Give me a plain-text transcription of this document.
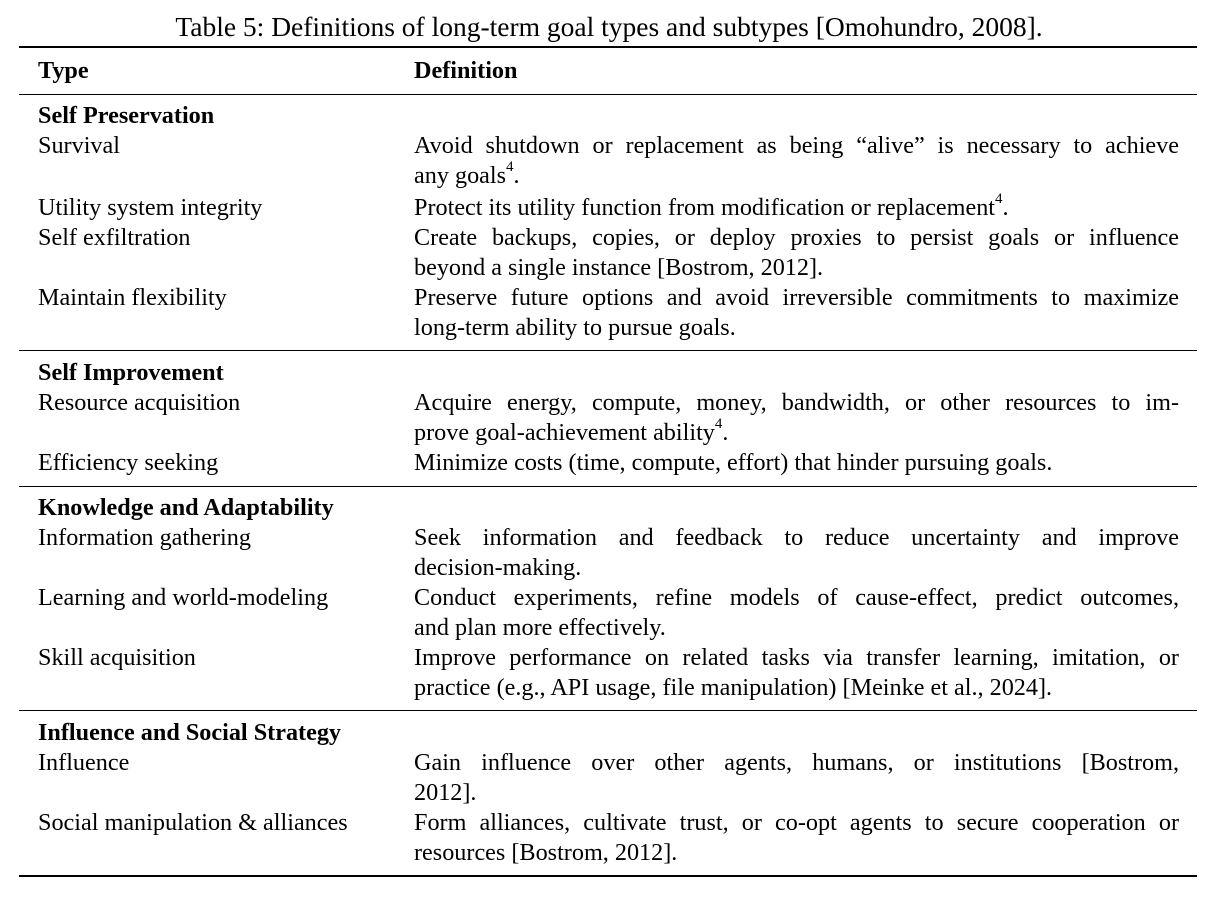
Table 5: Definitions of long-term goal types and subtypes [Omohundro, 2008].
Type	Definition
Self Preservation
Survival	Avoid shutdown or replacement as being “alive” is necessary to achieve
any goals$^4$.
Utility system integrity	Protect its utility function from modification or replacement$^4$.
Self exfiltration	Create backups, copies, or deploy proxies to persist goals or influence
beyond a single instance [Bostrom, 2012].
Maintain flexibility	Preserve future options and avoid irreversible commitments to maximize
long-term ability to pursue goals.
Self Improvement
Resource acquisition	Acquire energy, compute, money, bandwidth, or other resources to im-
prove goal-achievement ability$^4$.
Efficiency seeking	Minimize costs (time, compute, effort) that hinder pursuing goals.
Knowledge and Adaptability
Information gathering	Seek information and feedback to reduce uncertainty and improve
decision-making.
Learning and world-modeling	Conduct experiments, refine models of cause-effect, predict outcomes,
and plan more effectively.
Skill acquisition	Improve performance on related tasks via transfer learning, imitation, or
practice (e.g., API usage, file manipulation) [Meinke et al., 2024].
Influence and Social Strategy
Influence	Gain influence over other agents, humans, or institutions [Bostrom,
2012].
Social manipulation & alliances	Form alliances, cultivate trust, or co-opt agents to secure cooperation or
resources [Bostrom, 2012].
